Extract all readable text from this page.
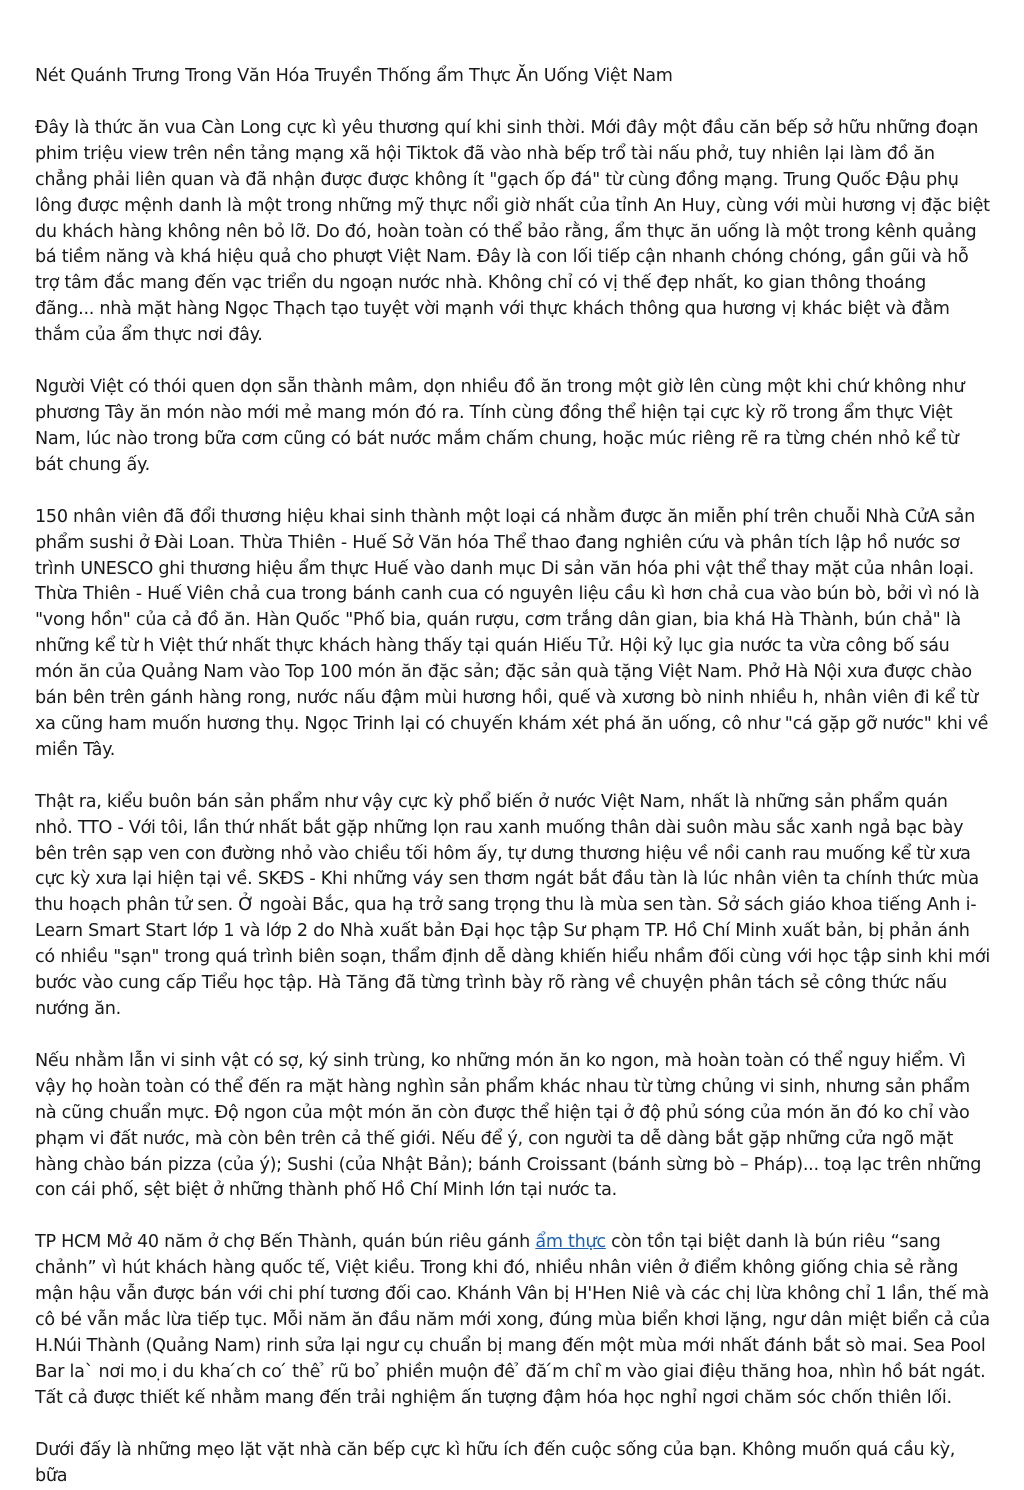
Nét Quánh Trưng Trong Văn Hóa Truyền Thống ẩm Thực Ăn Uống Việt Nam

Đây là thức ăn vua Càn Long cực kì yêu thương quí khi sinh thời. Mới đây một đầu căn bếp sở hữu những đoạn phim triệu view trên nền tảng mạng xã hội Tiktok đã vào nhà bếp trổ tài nấu phở, tuy nhiên lại làm đồ ăn chẳng phải liên quan và đã nhận được được không ít "gạch ốp đá" từ cùng đồng mạng. Trung Quốc Đậu phụ lông được mệnh danh là một trong những mỹ thực nổi giờ nhất của tỉnh An Huy, cùng với mùi hương vị đặc biệt du khách hàng không nên bỏ lỡ. Do đó, hoàn toàn có thể bảo rằng, ẩm thực ăn uống là một trong kênh quảng bá tiềm năng và khá hiệu quả cho phượt Việt Nam. Đây là con lối tiếp cận nhanh chóng chóng, gần gũi và hỗ trợ tâm đắc mang đến vạc triển du ngoạn nước nhà. Không chỉ có vị thế đẹp nhất, ko gian thông thoáng đãng... nhà mặt hàng Ngọc Thạch tạo tuyệt vời mạnh với thực khách thông qua hương vị khác biệt và đằm thắm của ẩm thực nơi đây.

Người Việt có thói quen dọn sẵn thành mâm, dọn nhiều đồ ăn trong một giờ lên cùng một khi chứ không như phương Tây ăn món nào mới mẻ mang món đó ra. Tính cùng đồng thể hiện tại cực kỳ rõ trong ẩm thực Việt Nam, lúc nào trong bữa cơm cũng có bát nước mắm chấm chung, hoặc múc riêng rẽ ra từng chén nhỏ kể từ bát chung ấy.

150 nhân viên đã đổi thương hiệu khai sinh thành một loại cá nhằm được ăn miễn phí trên chuỗi Nhà CửA sản phẩm sushi ở Đài Loan. Thừa Thiên - Huế Sở Văn hóa Thể thao đang nghiên cứu và phân tích lập hồ nước sơ trình UNESCO ghi thương hiệu ẩm thực Huế vào danh mục Di sản văn hóa phi vật thể thay mặt của nhân loại. Thừa Thiên - Huế Viên chả cua trong bánh canh cua có nguyên liệu cầu kì hơn chả cua vào bún bò, bởi vì nó là "vong hồn" của cả đồ ăn. Hàn Quốc "Phố bia, quán rượu, cơm trắng dân gian, bia khá Hà Thành, bún chả" là những kể từ h Việt thứ nhất thực khách hàng thấy tại quán Hiếu Tử. Hội kỷ lục gia nước ta vừa công bố sáu món ăn của Quảng Nam vào Top 100 món ăn đặc sản; đặc sản quà tặng Việt Nam. Phở Hà Nội xưa được chào bán bên trên gánh hàng rong, nước nấu đậm mùi hương hồi, quế và xương bò ninh nhiều h, nhân viên đi kể từ xa cũng ham muốn hương thụ. Ngọc Trinh lại có chuyến khám xét phá ăn uống, cô như "cá gặp gỡ nước" khi về miền Tây.

Thật ra, kiểu buôn bán sản phẩm như vậy cực kỳ phổ biến ở nước Việt Nam, nhất là những sản phẩm quán nhỏ. TTO - Với tôi, lần thứ nhất bắt gặp những lọn rau xanh muống thân dài suôn màu sắc xanh ngả bạc bày bên trên sạp ven con đường nhỏ vào chiều tối hôm ấy, tự dưng thương hiệu về nồi canh rau muống kể từ xưa cực kỳ xưa lại hiện tại về. SKĐS - Khi những váy sen thơm ngát bắt đầu tàn là lúc nhân viên ta chính thức mùa thu hoạch phân tử sen. Ở ngoài Bắc, qua hạ trở sang trọng thu là mùa sen tàn. Sở sách giáo khoa tiếng Anh i-Learn Smart Start lớp 1 và lớp 2 do Nhà xuất bản Đại học tập Sư phạm TP. Hồ Chí Minh xuất bản, bị phản ánh có nhiều "sạn" trong quá trình biên soạn, thẩm định dễ dàng khiến hiểu nhầm đối cùng với học tập sinh khi mới bước vào cung cấp Tiểu học tập. Hà Tăng đã từng trình bày rõ ràng về chuyện phân tách sẻ công thức nấu nướng ăn.

Nếu nhằm lẫn vi sinh vật có sợ, ký sinh trùng, ko những món ăn ko ngon, mà hoàn toàn có thể nguy hiểm. Vì vậy họ hoàn toàn có thể đến ra mặt hàng nghìn sản phẩm khác nhau từ từng chủng vi sinh, nhưng sản phẩm nà cũng chuẩn mực. Độ ngon của một món ăn còn được thể hiện tại ở độ phủ sóng của món ăn đó ko chỉ vào phạm vi đất nước, mà còn bên trên cả thế giới. Nếu để ý, con người ta dễ dàng bắt gặp những cửa ngõ mặt hàng chào bán pizza (của ý); Sushi (của Nhật Bản); bánh Croissant (bánh sừng bò – Pháp)... toạ lạc trên những con cái phố, sệt biệt ở những thành phố Hồ Chí Minh lớn tại nước ta.

TP HCM Mở 40 năm ở chợ Bến Thành, quán bún riêu gánh ẩm thực còn tồn tại biệt danh là bún riêu “sang chảnh” vì hút khách hàng quốc tế, Việt kiều. Trong khi đó, nhiều nhân viên ở điểm không giống chia sẻ rằng mận hậu vẫn được bán với chi phí tương đối cao. Khánh Vân bị H'Hen Niê và các chị lừa không chỉ 1 lần, thế mà cô bé vẫn mắc lừa tiếp tục. Mỗi năm ăn đầu năm mới xong, đúng mùa biển khơi lặng, ngư dân miệt biển cả của H.Núi Thành (Quảng Nam) rinh sửa lại ngư cụ chuẩn bị mang đến một mùa mới nhất đánh bắt sò mai. Sea Pool Bar la` nơi mo ̣i du kha ́ch co ́ thê ̉ rũ bo ̉ phiền muộn đê ̉ đă ́m chi ̀m vào giai điệu thăng hoa, nhìn hồ bát ngát. Tất cả được thiết kế nhằm mang đến trải nghiệm ấn tượng đậm hóa học nghỉ ngơi chăm sóc chốn thiên lối.

Dưới đấy là những mẹo lặt vặt nhà căn bếp cực kì hữu ích đến cuộc sống của bạn. Không muốn quá cầu kỳ, bữa
